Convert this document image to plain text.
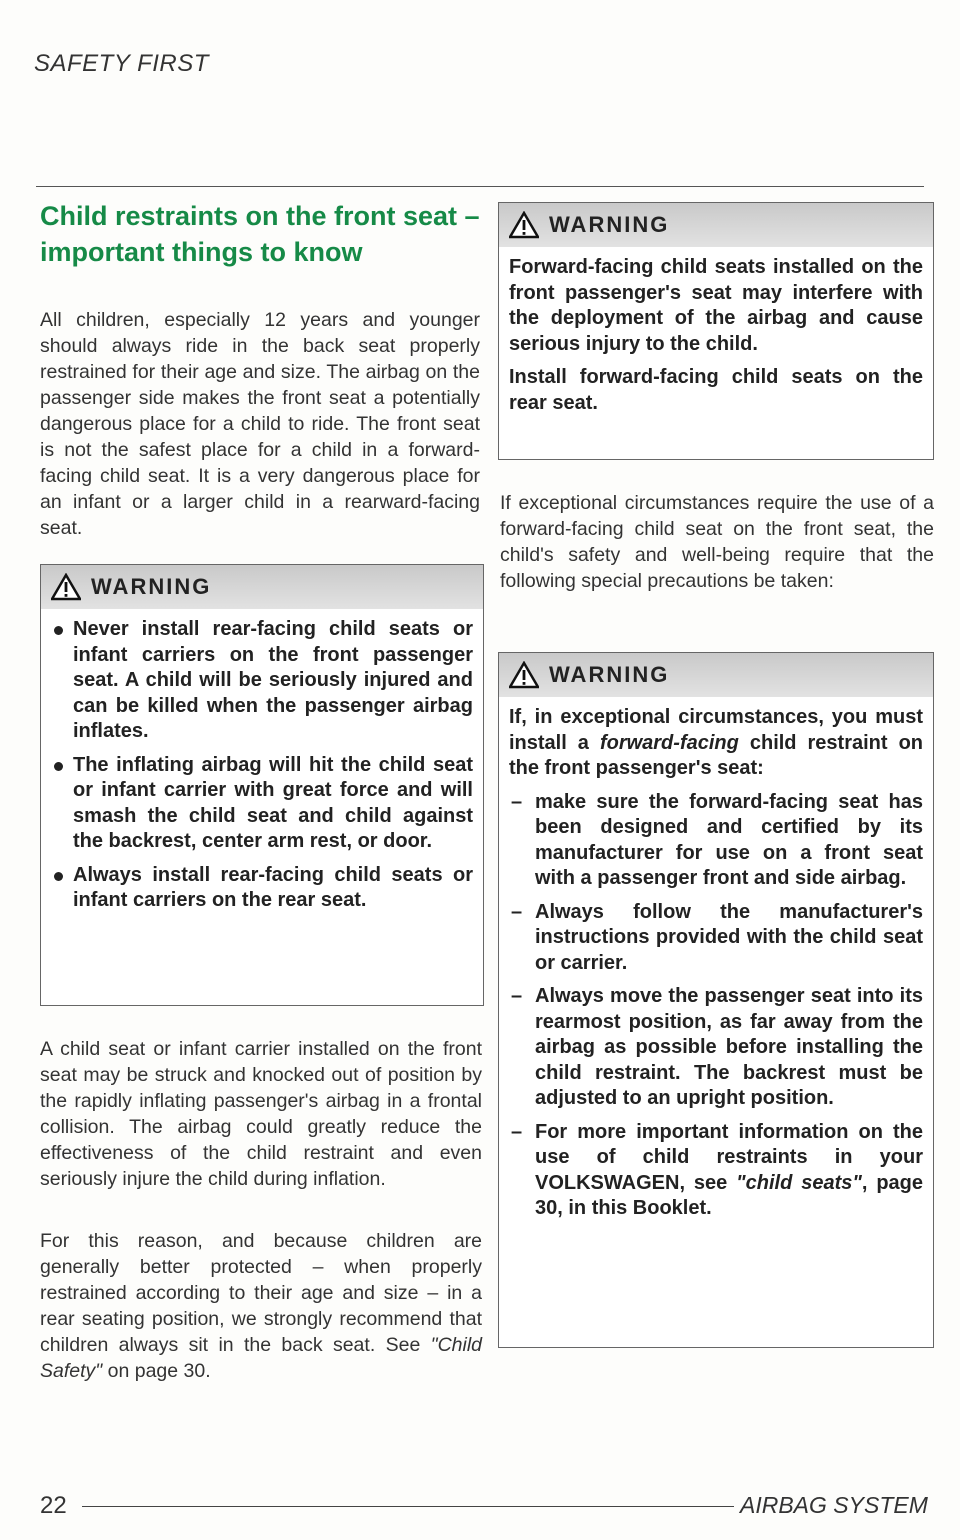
SAFETY FIRST
Child restraints on the front seat – important things to know
All children, especially 12 years and younger should always ride in the back seat properly restrained for their age and size. The airbag on the passenger side makes the front seat a potentially dangerous place for a child to ride. The front seat is not the safest place for a child in a forward-facing child seat. It is a very dangerous place for an infant or a larger child in a rearward-facing seat.
WARNING

Never install rear-facing child seats or infant carriers on the front passenger seat. A child will be seriously injured and can be killed when the passenger airbag inflates.

The inflating airbag will hit the child seat or infant carrier with great force and will smash the child seat and child against the backrest, center arm rest, or door.

Always install rear-facing child seats or infant carriers on the rear seat.

A child seat or infant carrier installed on the front seat may be struck and knocked out of position by the rapidly inflating passenger's airbag in a frontal collision. The airbag could greatly reduce the effectiveness of the child restraint and even seriously injure the child during inflation.
For this reason, and because children are generally better protected – when properly restrained according to their age and size – in a rear seating position, we strongly recommend that children always sit in the back seat. See "Child Safety" on page 30.
WARNING

Forward-facing child seats installed on the front passenger's seat may interfere with the deployment of the airbag and cause serious injury to the child.

Install forward-facing child seats on the rear seat.

If exceptional circumstances require the use of a forward-facing child seat on the front seat, the child's safety and well-being require that the following special precautions be taken:
WARNING

If, in exceptional circumstances, you must install a forward-facing child restraint on the front passenger's seat:

– make sure the forward-facing seat has been designed and certified by its manufacturer for use on a front seat with a passenger front and side airbag.

– Always follow the manufacturer's instructions provided with the child seat or carrier.

– Always move the passenger seat into its rearmost position, as far away from the airbag as possible before installing the child restraint. The backrest must be adjusted to an upright position.

– For more important information on the use of child restraints in your VOLKSWAGEN, see "child seats", page 30, in this Booklet.

22	AIRBAG SYSTEM
